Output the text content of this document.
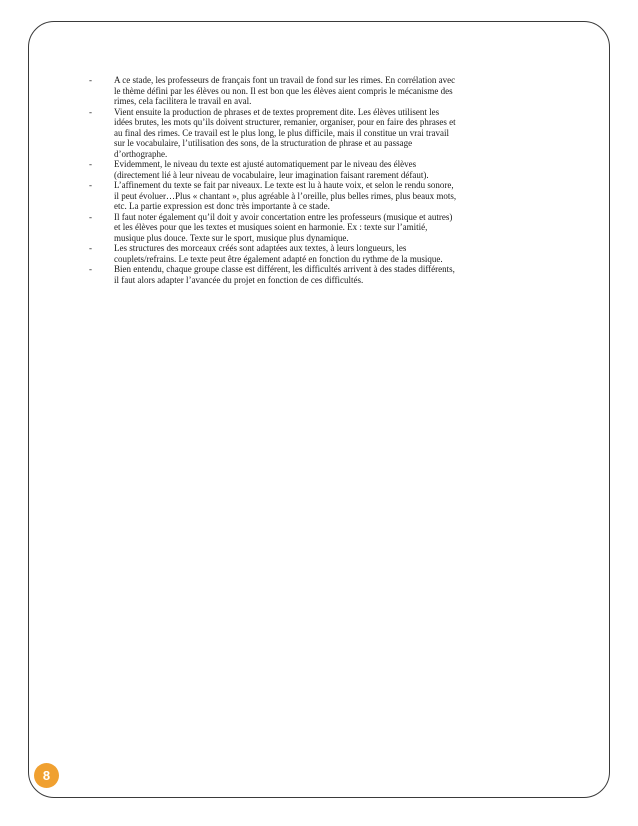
- A ce stade, les professeurs de français font un travail de fond sur les rimes. En corrélation avec le thème défini par les élèves ou non. Il est bon que les élèves aient compris le mécanisme des rimes, cela facilitera le travail en aval.
- Vient ensuite la production de phrases et de textes proprement dite. Les élèves utilisent les idées brutes, les mots qu’ils doivent structurer, remanier, organiser, pour en faire des phrases et au final des rimes. Ce travail est le plus long, le plus difficile, mais il constitue un vrai travail sur le vocabulaire, l’utilisation des sons, de la structuration de phrase et au passage d’orthographe.
- Evidemment, le niveau du texte est ajusté automatiquement par le niveau des élèves (directement lié à leur niveau de vocabulaire, leur imagination faisant rarement défaut).
- L’affinement du texte se fait par niveaux. Le texte est lu à haute voix, et selon le rendu sonore, il peut évoluer…Plus « chantant », plus agréable à l’oreille, plus belles rimes, plus beaux mots, etc. La partie expression est donc très importante à ce stade.
- Il faut noter également qu’il doit y avoir concertation entre les professeurs (musique et autres) et les élèves pour que les textes et musiques soient en harmonie. Ex : texte sur l’amitié, musique plus douce. Texte sur le sport, musique plus dynamique.
- Les structures des morceaux créés sont adaptées aux textes, à leurs longueurs, les couplets/refrains. Le texte peut être également adapté en fonction du rythme de la musique.
- Bien entendu, chaque groupe classe est différent, les difficultés arrivent à des stades différents, il faut alors adapter l’avancée du projet en fonction de ces difficultés.
8
